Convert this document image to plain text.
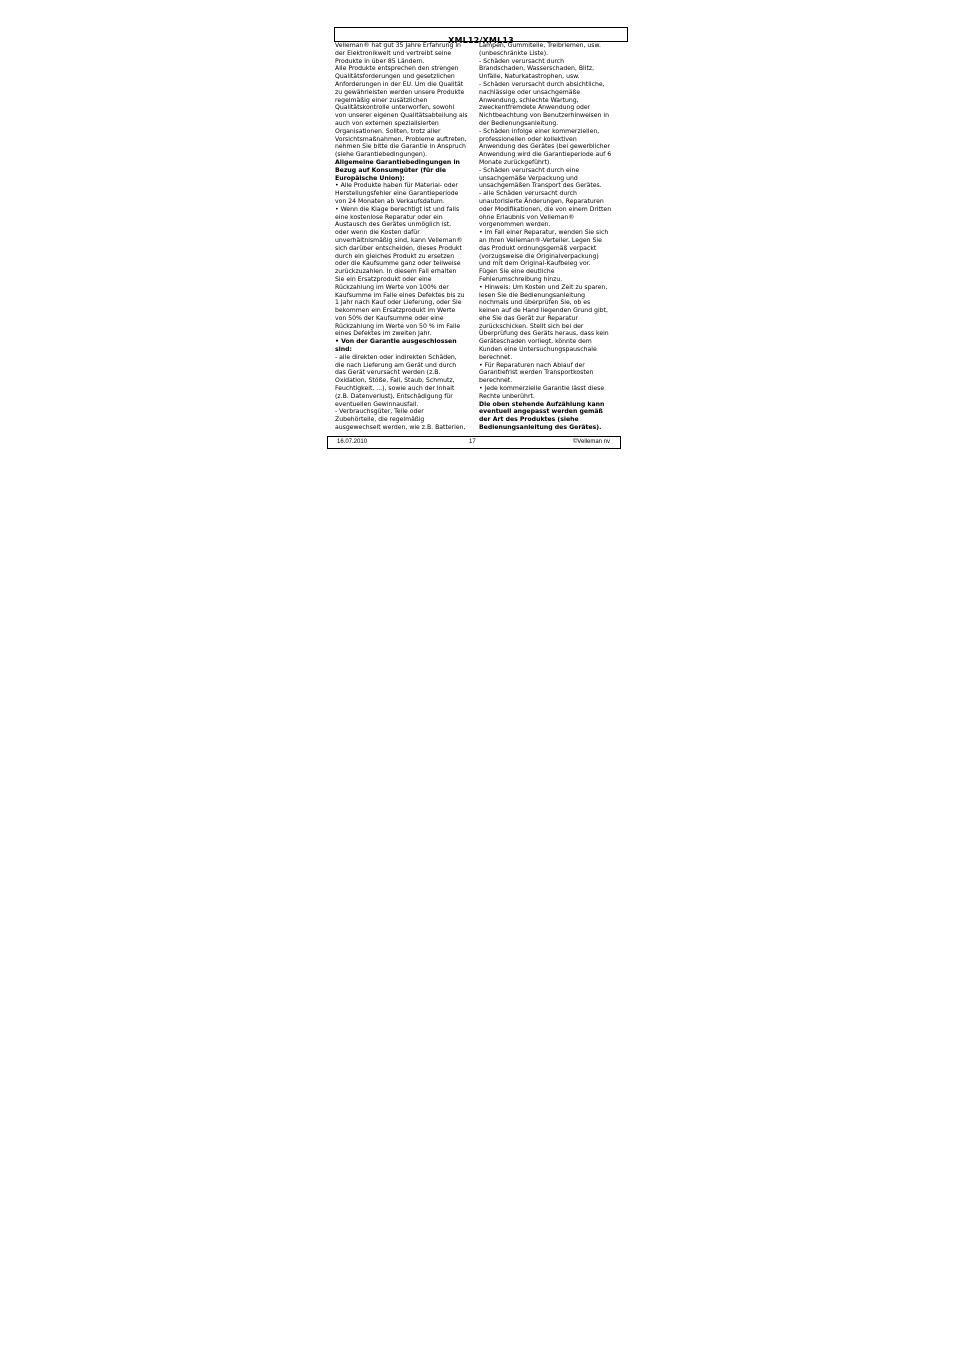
XML12/XML13

Velleman® hat gut 35 Jahre Erfahrung in
der Elektronikwelt und vertreibt seine
Produkte in über 85 Ländern.
Alle Produkte entsprechen den strengen
Qualitätsforderungen und gesetzlichen
Anforderungen in der EU. Um die Qualität
zu gewährleisten werden unsere Produkte
regelmäßig einer zusätzlichen
Qualitätskontrolle unterworfen, sowohl
von unserer eigenen Qualitätsabteilung als
auch von externen spezialisierten
Organisationen. Sollten, trotz aller
Vorsichtsmaßnahmen, Probleme auftreten,
nehmen Sie bitte die Garantie in Anspruch
(siehe Garantiebedingungen).

Allgemeine Garantiebedingungen in
Bezug auf Konsumgüter (für die
Europäische Union):

• Alle Produkte haben für Material- oder
Herstellungsfehler eine Garantieperiode
von 24 Monaten ab Verkaufsdatum.
• Wenn die Klage berechtigt ist und falls
eine kostenlose Reparatur oder ein
Austausch des Gerätes unmöglich ist,
oder wenn die Kosten dafür
unverhältnismäßig sind, kann Velleman®
sich darüber entscheiden, dieses Produkt
durch ein gleiches Produkt zu ersetzen
oder die Kaufsumme ganz oder teilweise
zurückzuzahlen. In diesem Fall erhalten
Sie ein Ersatzprodukt oder eine
Rückzahlung im Werte von 100% der
Kaufsumme im Falle eines Defektes bis zu
1 Jahr nach Kauf oder Lieferung, oder Sie
bekommen ein Ersatzprodukt im Werte
von 50% der Kaufsumme oder eine
Rückzahlung im Werte von 50 % im Falle
eines Defektes im zweiten Jahr.

• Von der Garantie ausgeschlossen
sind:

- alle direkten oder indirekten Schäden,
die nach Lieferung am Gerät und durch
das Gerät verursacht werden (z.B.
Oxidation, Stöße, Fall, Staub, Schmutz,
Feuchtigkeit, ...), sowie auch der Inhalt
(z.B. Datenverlust), Entschädigung für
eventuellen Gewinnausfall.
- Verbrauchsgüter, Teile oder
Zubehörteile, die regelmäßig
ausgewechselt werden, wie z.B. Batterien,

Lampen, Gummiteile, Treibriemen, usw.
(unbeschränkte Liste).
- Schäden verursacht durch
Brandschaden, Wasserschaden, Blitz,
Unfälle, Naturkatastrophen, usw.
- Schäden verursacht durch absichtliche,
nachlässige oder unsachgemäße
Anwendung, schlechte Wartung,
zweckentfremdete Anwendung oder
Nichtbeachtung von Benutzerhinweisen in
der Bedienungsanleitung.
- Schäden infolge einer kommerziellen,
professionellen oder kollektiven
Anwendung des Gerätes (bei gewerblicher
Anwendung wird die Garantieperiode auf 6
Monate zurückgeführt).
- Schäden verursacht durch eine
unsachgemäße Verpackung und
unsachgemäßen Transport des Gerätes.
- alle Schäden verursacht durch
unautorisierte Änderungen, Reparaturen
oder Modifikationen, die von einem Dritten
ohne Erlaubnis von Velleman®
vorgenommen werden.
• Im Fall einer Reparatur, wenden Sie sich
an Ihren Velleman®-Verteiler. Legen Sie
das Produkt ordnungsgemäß verpackt
(vorzugsweise die Originalverpackung)
und mit dem Original-Kaufbeleg vor.
Fügen Sie eine deutliche
Fehlerumschreibung hinzu.
• Hinweis: Um Kosten und Zeit zu sparen,
lesen Sie die Bedienungsanleitung
nochmals und überprüfen Sie, ob es
keinen auf de Hand liegenden Grund gibt,
ehe Sie das Gerät zur Reparatur
zurückschicken. Stellt sich bei der
Überprüfung des Geräts heraus, dass kein
Geräteschaden vorliegt, könnte dem
Kunden eine Untersuchungspauschale
berechnet.
• Für Reparaturen nach Ablauf der
Garantiefrist werden Transportkosten
berechnet.
• Jede kommerzielle Garantie lässt diese
Rechte unberührt.

Die oben stehende Aufzählung kann
eventuell angepasst werden gemäß
der Art des Produktes (siehe
Bedienungsanleitung des Gerätes).

16.07.2010	17	©Velleman nv
